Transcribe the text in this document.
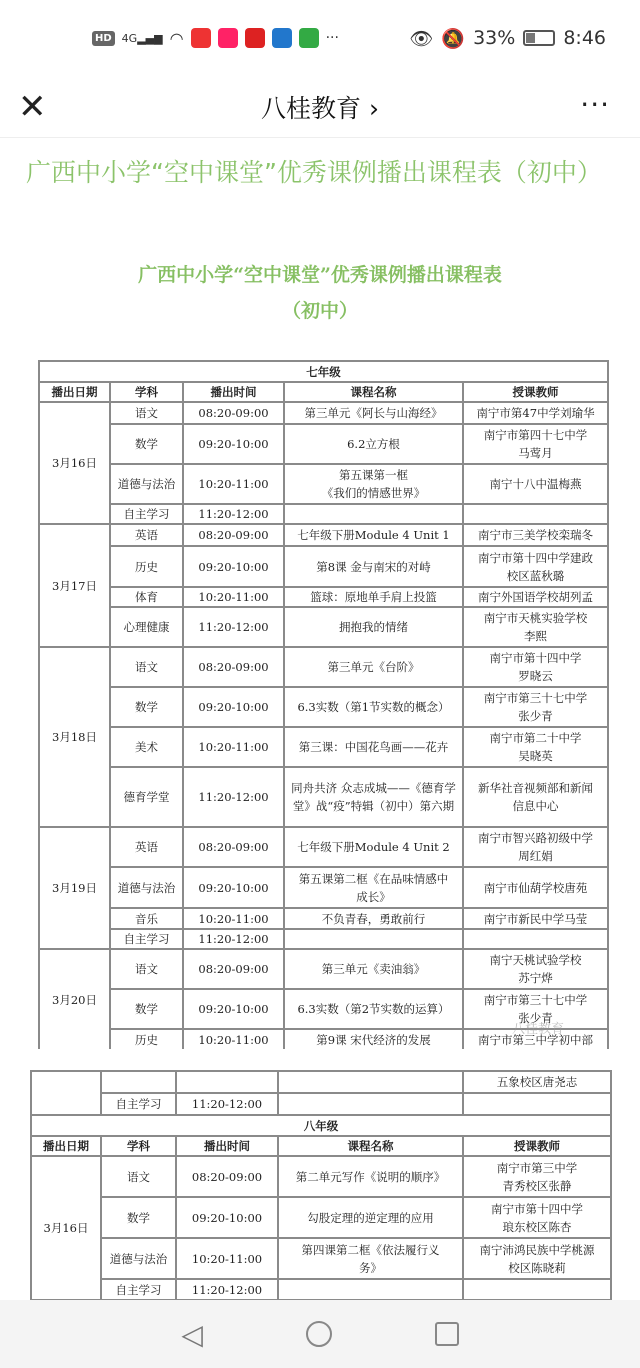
HD 4G▂▄▆ ◠	···	👁 🔕 33%	8:46
✕	八桂教育 ›	···
广西中小学“空中课堂”优秀课例播出课程表（初中）
广西中小学“空中课堂”优秀课例播出课程表
（初中）
七年级				
播出日期	学科	播出时间	课程名称	授课教师
3月16日	语文	08:20-09:00	第三单元《阿长与山海经》	南宁市第47中学刘瑜华
	数学	09:20-10:00	6.2立方根	南宁市第四十七中学
马莺月
	道德与法治	10:20-11:00	第五课第一框
《我们的情感世界》	南宁十八中温梅燕
	自主学习	11:20-12:00		
3月17日	英语	08:20-09:00	七年级下册Module 4 Unit 1	南宁市三美学校栾瑞冬
	历史	09:20-10:00	第8课 金与南宋的对峙	南宁市第十四中学建政
校区蓝秋璐
	体育	10:20-11:00	篮球：原地单手肩上投篮	南宁外国语学校胡列孟
	心理健康	11:20-12:00	拥抱我的情绪	南宁市天桃实验学校
李熙
3月18日	语文	08:20-09:00	第三单元《台阶》	南宁市第十四中学
罗晓云
	数学	09:20-10:00	6.3实数（第1节实数的概念）	南宁市第三十七中学
张少青
	美术	10:20-11:00	第三课：中国花鸟画——花卉	南宁市第二十中学
吴晓英
	德育学堂	11:20-12:00	同舟共济 众志成城——《德育学堂》战“疫”特辑（初中）第六期	新华社音视频部和新闻
信息中心
3月19日	英语	08:20-09:00	七年级下册Module 4 Unit 2	南宁市智兴路初级中学
周红娟
	道德与法治	09:20-10:00	第五课第二框《在品味情感中
成长》	南宁市仙葫学校唐苑
	音乐	10:20-11:00	不负青春，勇敢前行	南宁市新民中学马莹
	自主学习	11:20-12:00		
3月20日	语文	08:20-09:00	第三单元《卖油翁》	南宁天桃试验学校
苏宁烨
	数学	09:20-10:00	6.3实数（第2节实数的运算）	南宁市第三十七中学
张少青
	历史	10:20-11:00	第9课 宋代经济的发展	南宁市第三中学初中部
八桂教育
				五象校区唐尧志
	自主学习	11:20-12:00		
八年级				
播出日期	学科	播出时间	课程名称	授课教师
3月16日	语文	08:20-09:00	第二单元写作《说明的顺序》	南宁市第三中学
青秀校区张静
	数学	09:20-10:00	勾股定理的逆定理的应用	南宁市第十四中学
琅东校区陈杏
	道德与法治	10:20-11:00	第四课第二框《依法履行义
务》	南宁沛鸿民族中学桃源
校区陈晓莉
	自主学习	11:20-12:00		
◁
